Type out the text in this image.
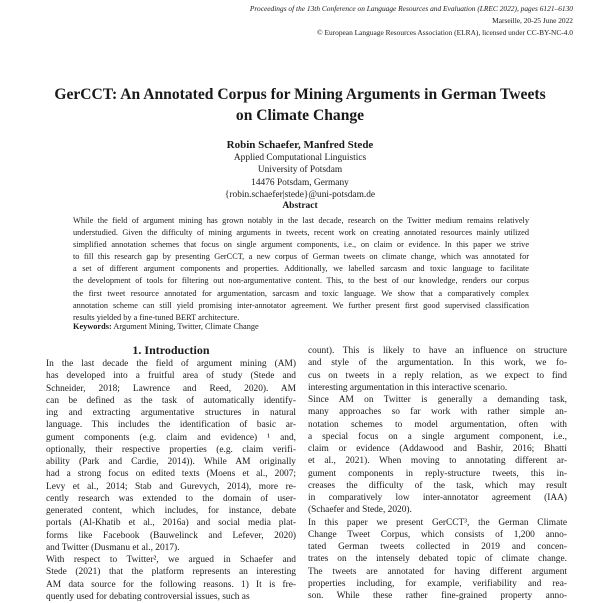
Proceedings of the 13th Conference on Language Resources and Evaluation (LREC 2022), pages 6121–6130
Marseille, 20-25 June 2022
© European Language Resources Association (ELRA), licensed under CC-BY-NC-4.0
GerCCT: An Annotated Corpus for Mining Arguments in German Tweets
on Climate Change
Robin Schaefer, Manfred Stede
Applied Computational Linguistics
University of Potsdam
14476 Potsdam, Germany
{robin.schaefer|stede}@uni-potsdam.de
Abstract
While the field of argument mining has grown notably in the last decade, research on the Twitter medium remains relatively
understudied. Given the difficulty of mining arguments in tweets, recent work on creating annotated resources mainly utilized
simplified annotation schemes that focus on single argument components, i.e., on claim or evidence. In this paper we strive
to fill this research gap by presenting GerCCT, a new corpus of German tweets on climate change, which was annotated for
a set of different argument components and properties. Additionally, we labelled sarcasm and toxic language to facilitate
the development of tools for filtering out non-argumentative content. This, to the best of our knowledge, renders our corpus
the first tweet resource annotated for argumentation, sarcasm and toxic language. We show that a comparatively complex
annotation scheme can still yield promising inter-annotator agreement. We further present first good supervised classification
results yielded by a fine-tuned BERT architecture.
Keywords: Argument Mining, Twitter, Climate Change
1. Introduction
In the last decade the field of argument mining (AM)
has developed into a fruitful area of study (Stede and
Schneider, 2018; Lawrence and Reed, 2020). AM
can be defined as the task of automatically identify-
ing and extracting argumentative structures in natural
language. This includes the identification of basic ar-
gument components (e.g. claim and evidence) ¹ and,
optionally, their respective properties (e.g. claim verifi-
ability (Park and Cardie, 2014)). While AM originally
had a strong focus on edited texts (Moens et al., 2007;
Levy et al., 2014; Stab and Gurevych, 2014), more re-
cently research was extended to the domain of user-
generated content, which includes, for instance, debate
portals (Al-Khatib et al., 2016a) and social media plat-
forms like Facebook (Bauwelinck and Lefever, 2020)
and Twitter (Dusmanu et al., 2017).
With respect to Twitter², we argued in Schaefer and
Stede (2021) that the platform represents an interesting
AM data source for the following reasons. 1) It is fre-
quently used for debating controversial issues, such as
count). This is likely to have an influence on structure
and style of the argumentation. In this work, we fo-
cus on tweets in a reply relation, as we expect to find
interesting argumentation in this interactive scenario.
Since AM on Twitter is generally a demanding task,
many approaches so far work with rather simple an-
notation schemes to model argumentation, often with
a special focus on a single argument component, i.e.,
claim or evidence (Addawood and Bashir, 2016; Bhatti
et al., 2021). When moving to annotating different ar-
gument components in reply-structure tweets, this in-
creases the difficulty of the task, which may result
in comparatively low inter-annotator agreement (IAA)
(Schaefer and Stede, 2020).
In this paper we present GerCCT³, the German Climate
Change Tweet Corpus, which consists of 1,200 anno-
tated German tweets collected in 2019 and concen-
trates on the intensely debated topic of climate change.
The tweets are annotated for having different argument
properties including, for example, verifiability and rea-
son. While these rather fine-grained property anno-
